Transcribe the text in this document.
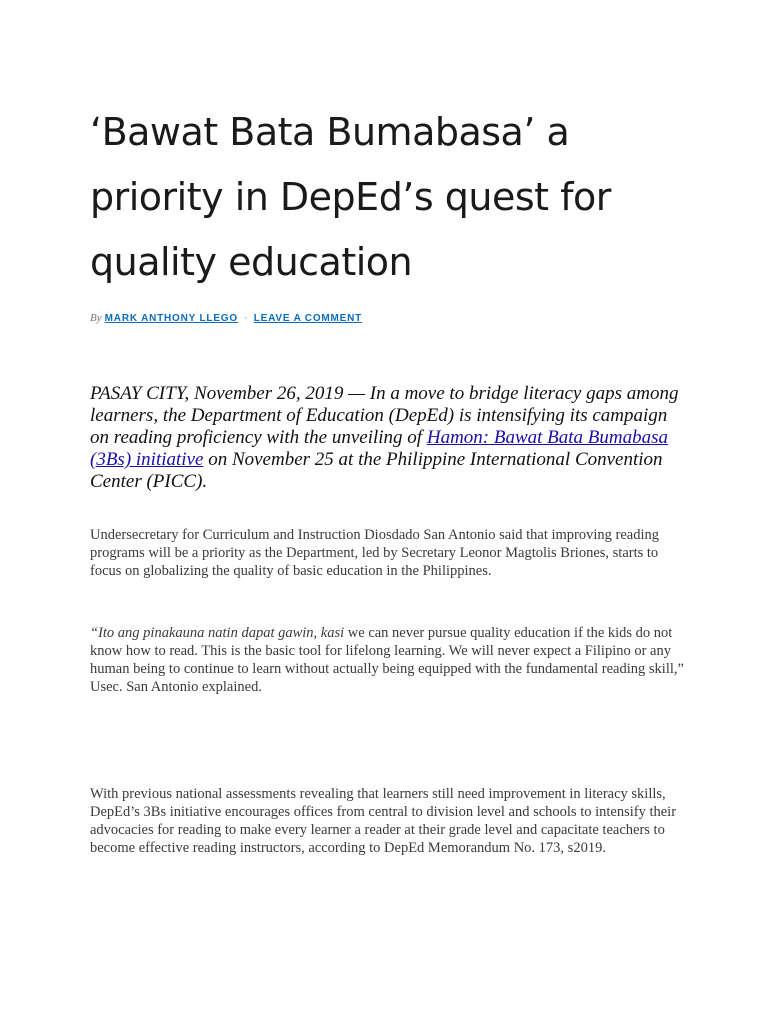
‘Bawat Bata Bumabasa’ a priority in DepEd’s quest for quality education
By MARK ANTHONY LLEGO · LEAVE A COMMENT

PASAY CITY, November 26, 2019 — In a move to bridge literacy gaps among learners, the Department of Education (DepEd) is intensifying its campaign on reading proficiency with the unveiling of Hamon: Bawat Bata Bumabasa (3Bs) initiative on November 25 at the Philippine International Convention Center (PICC).

Undersecretary for Curriculum and Instruction Diosdado San Antonio said that improving reading programs will be a priority as the Department, led by Secretary Leonor Magtolis Briones, starts to focus on globalizing the quality of basic education in the Philippines.

“Ito ang pinakauna natin dapat gawin, kasi we can never pursue quality education if the kids do not know how to read. This is the basic tool for lifelong learning. We will never expect a Filipino or any human being to continue to learn without actually being equipped with the fundamental reading skill,” Usec. San Antonio explained.

With previous national assessments revealing that learners still need improvement in literacy skills, DepEd’s 3Bs initiative encourages offices from central to division level and schools to intensify their advocacies for reading to make every learner a reader at their grade level and capacitate teachers to become effective reading instructors, according to DepEd Memorandum No. 173, s2019.
